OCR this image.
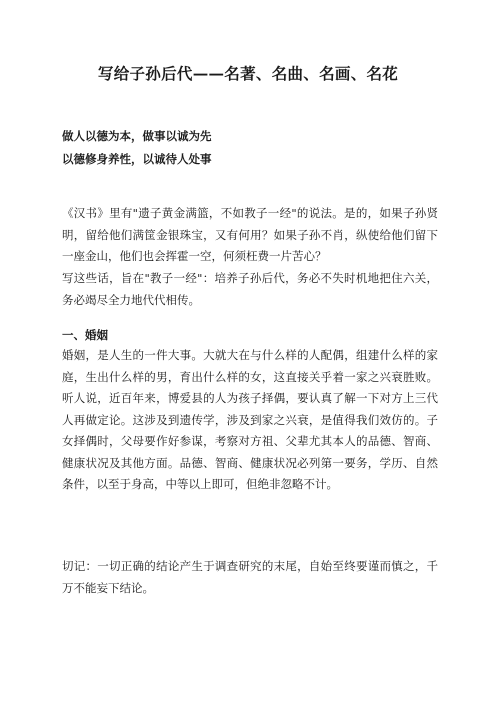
写给子孙后代——名著、名曲、名画、名花
做人以德为本，做事以诚为先
以德修身养性，以诚待人处事

《汉书》里有"遗子黄金满篮，不如教子一经"的说法。是的，如果子孙贤明，留给他们满筐金银珠宝，又有何用？如果子孙不肖，纵使给他们留下一座金山，他们也会挥霍一空，何须枉费一片苦心？

写这些话，旨在"教子一经"：培养子孙后代，务必不失时机地把住六关，务必竭尽全力地代代相传。

一、婚姻

婚姻，是人生的一件大事。大就大在与什么样的人配偶，组建什么样的家庭，生出什么样的男，育出什么样的女，这直接关乎着一家之兴衰胜败。听人说，近百年来，博爱县的人为孩子择偶，要认真了解一下对方上三代人再做定论。这涉及到遗传学，涉及到家之兴衰，是值得我们效仿的。子女择偶时，父母要作好参谋，考察对方祖、父辈尤其本人的品德、智商、健康状况及其他方面。品德、智商、健康状况必列第一要务，学历、自然条件，以至于身高，中等以上即可，但绝非忽略不计。

切记：一切正确的结论产生于调查研究的末尾，自始至终要谨而慎之，千万不能妄下结论。
